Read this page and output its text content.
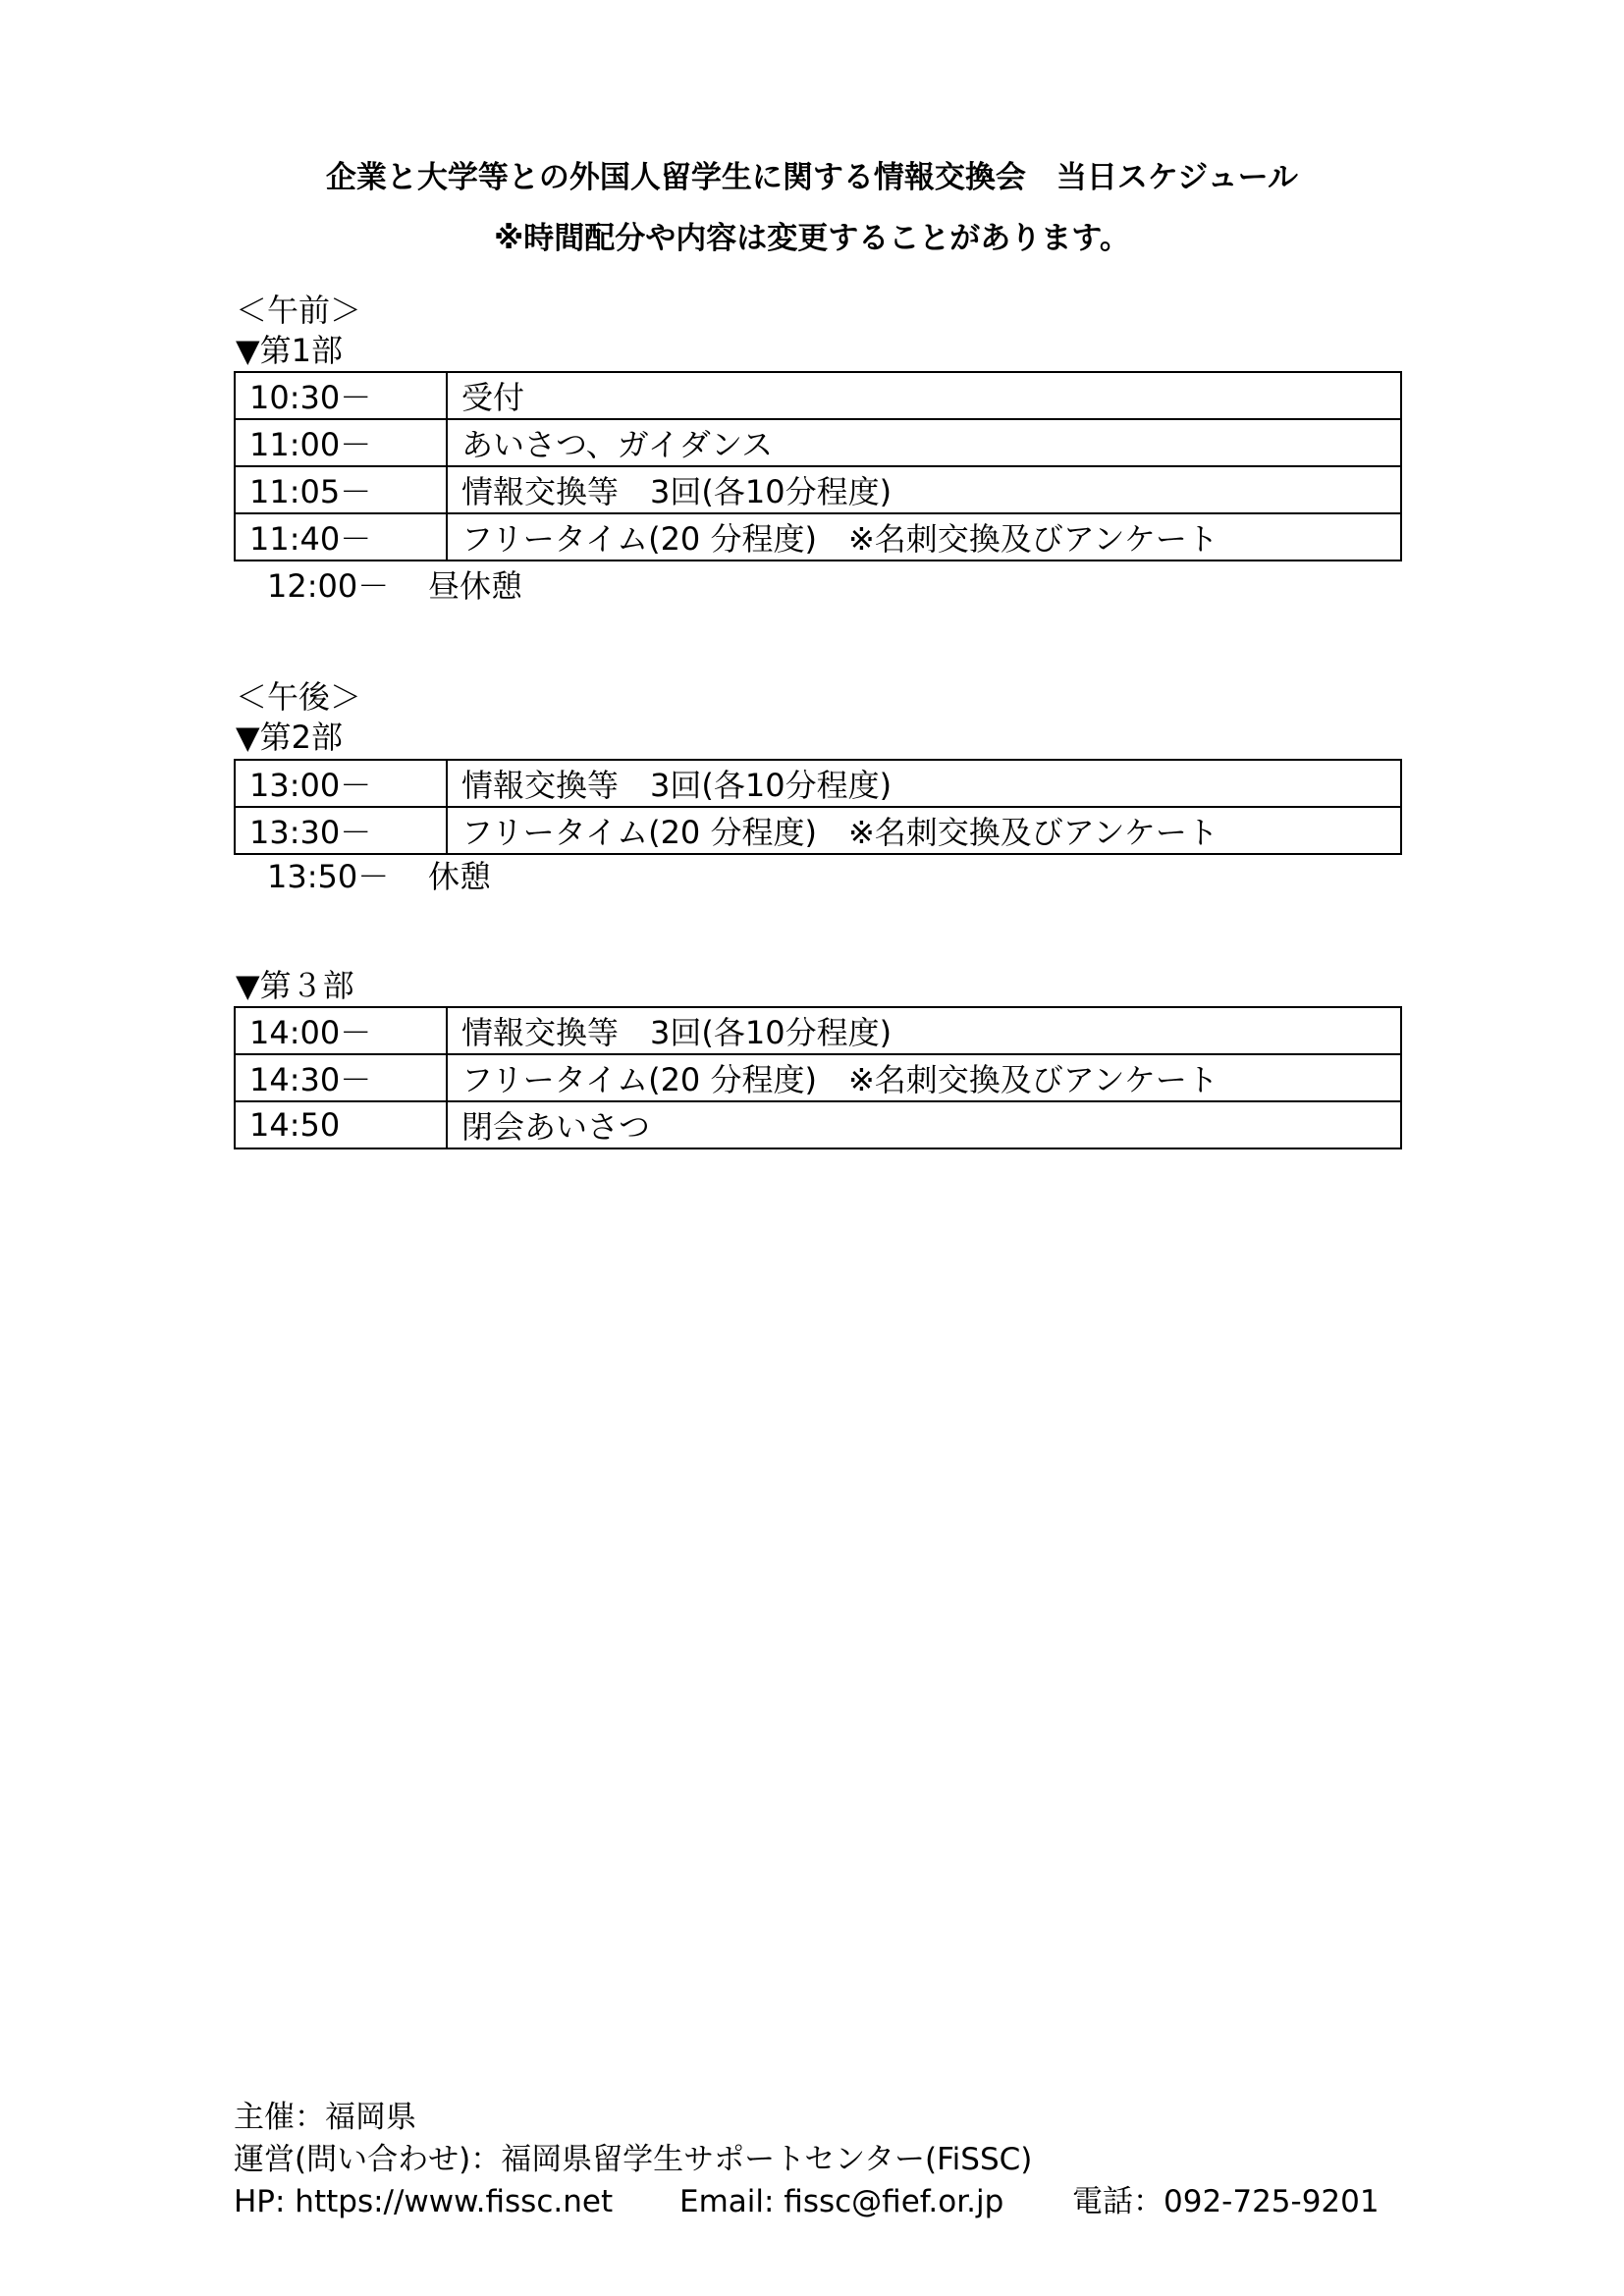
企業と大学等との外国人留学生に関する情報交換会　当日スケジュール
※時間配分や内容は変更することがあります。
＜午前＞
▼第1部
10:30－	受付
11:00－	あいさつ、ガイダンス
11:05－	情報交換等　3回(各10分程度)
11:40－	フリータイム(20 分程度)　※名刺交換及びアンケート
12:00－ 昼休憩
＜午後＞
▼第2部
13:00－	情報交換等　3回(各10分程度)
13:30－	フリータイム(20 分程度)　※名刺交換及びアンケート
13:50－ 休憩
▼第３部
14:00－	情報交換等　3回(各10分程度)
14:30－	フリータイム(20 分程度)　※名刺交換及びアンケート
14:50	閉会あいさつ
主催：福岡県
運営(問い合わせ)：福岡県留学生サポートセンター(FiSSC)
HP: https://www.fissc.net Email: fissc@fief.or.jp 電話：092-725-9201
